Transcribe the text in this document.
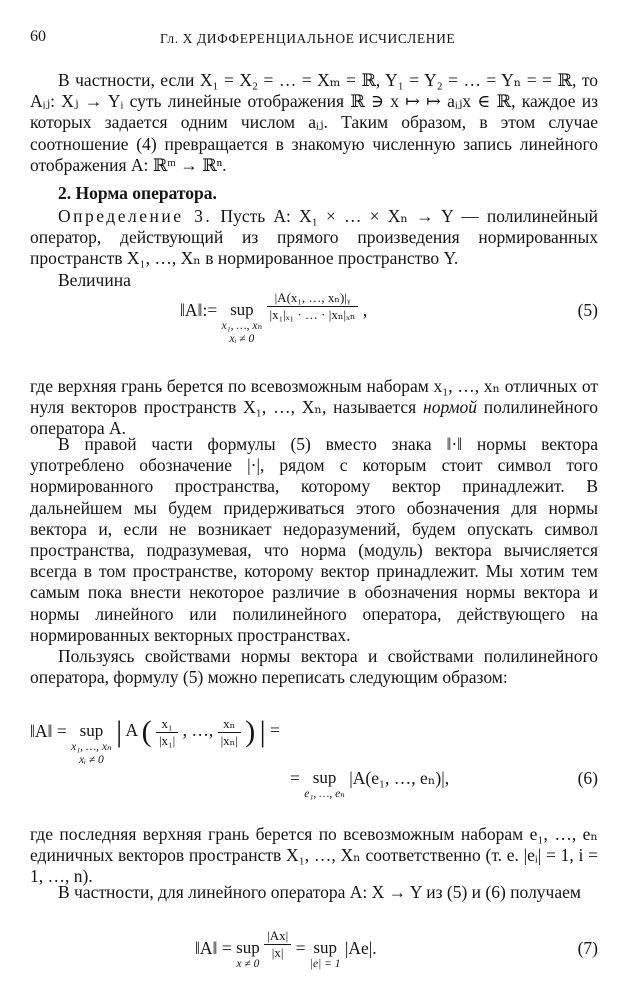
60	Гл. X ДИФФЕРЕНЦИАЛЬНОЕ ИСЧИСЛЕНИЕ

В частности, если X₁ = X₂ = … = Xₘ = ℝ, Y₁ = Y₂ = … = Yₙ = = ℝ, то Aᵢⱼ: Xⱼ → Yᵢ суть линейные отображения ℝ ∋ x ↦ ↦ aᵢⱼx ∈ ℝ, каждое из которых задается одним числом aᵢⱼ. Таким образом, в этом случае соотношение (4) превращается в знакомую численную запись линейного отображения A: ℝᵐ → ℝⁿ.

2. Норма оператора.

Определение 3. Пусть A: X₁ × … × Xₙ → Y — полилинейный оператор, действующий из прямого произведения нормированных пространств X₁, …, Xₙ в нормированное пространство Y.

Величина

‖A‖:= sup
x₁, …, xₙ
xᵢ ≠ 0

$\frac{\text{|A(x₁, …, xₙ)|ᵧ}}{\text{|x₁|ₓ₁ · … · |xₙ|ₓₙ}}$ ,	(5)

где верхняя грань берется по всевозможным наборам x₁, …, xₙ отличных от нуля векторов пространств X₁, …, Xₙ, называется нормой полилинейного оператора A.

В правой части формулы (5) вместо знака ‖·‖ нормы вектора употреблено обозначение |·|, рядом с которым стоит символ того нормированного пространства, которому вектор принадлежит. В дальнейшем мы будем придерживаться этого обозначения для нормы вектора и, если не возникает недоразумений, будем опускать символ пространства, подразумевая, что норма (модуль) вектора вычисляется всегда в том пространстве, которому вектор принадлежит. Мы хотим тем самым пока внести некоторое различие в обозначения нормы вектора и нормы линейного или полилинейного оператора, действующего на нормированных векторных пространствах.

Пользуясь свойствами нормы вектора и свойствами полилинейного оператора, формулу (5) можно переписать следующим образом:

‖A‖ = sup
x₁, …, xₙ
xᵢ ≠ 0
| A ( $\frac{\text{x₁}}{\text{|x₁|}}$ , …, $\frac{\text{xₙ}}{\text{|xₙ|}}$ ) | =
= sup
e₁, …, eₙ
|A(e₁, …, eₙ)|,	(6)

где последняя верхняя грань берется по всевозможным наборам e₁, …, eₙ единичных векторов пространств X₁, …, Xₙ соответственно (т. е. |eᵢ| = 1, i = 1, …, n).

В частности, для линейного оператора A: X → Y из (5) и (6) получаем

‖A‖ = sup
x ≠ 0

$\frac{|Ax|}{|x|}$ = sup
|e| = 1
|Ae|.	(7)
